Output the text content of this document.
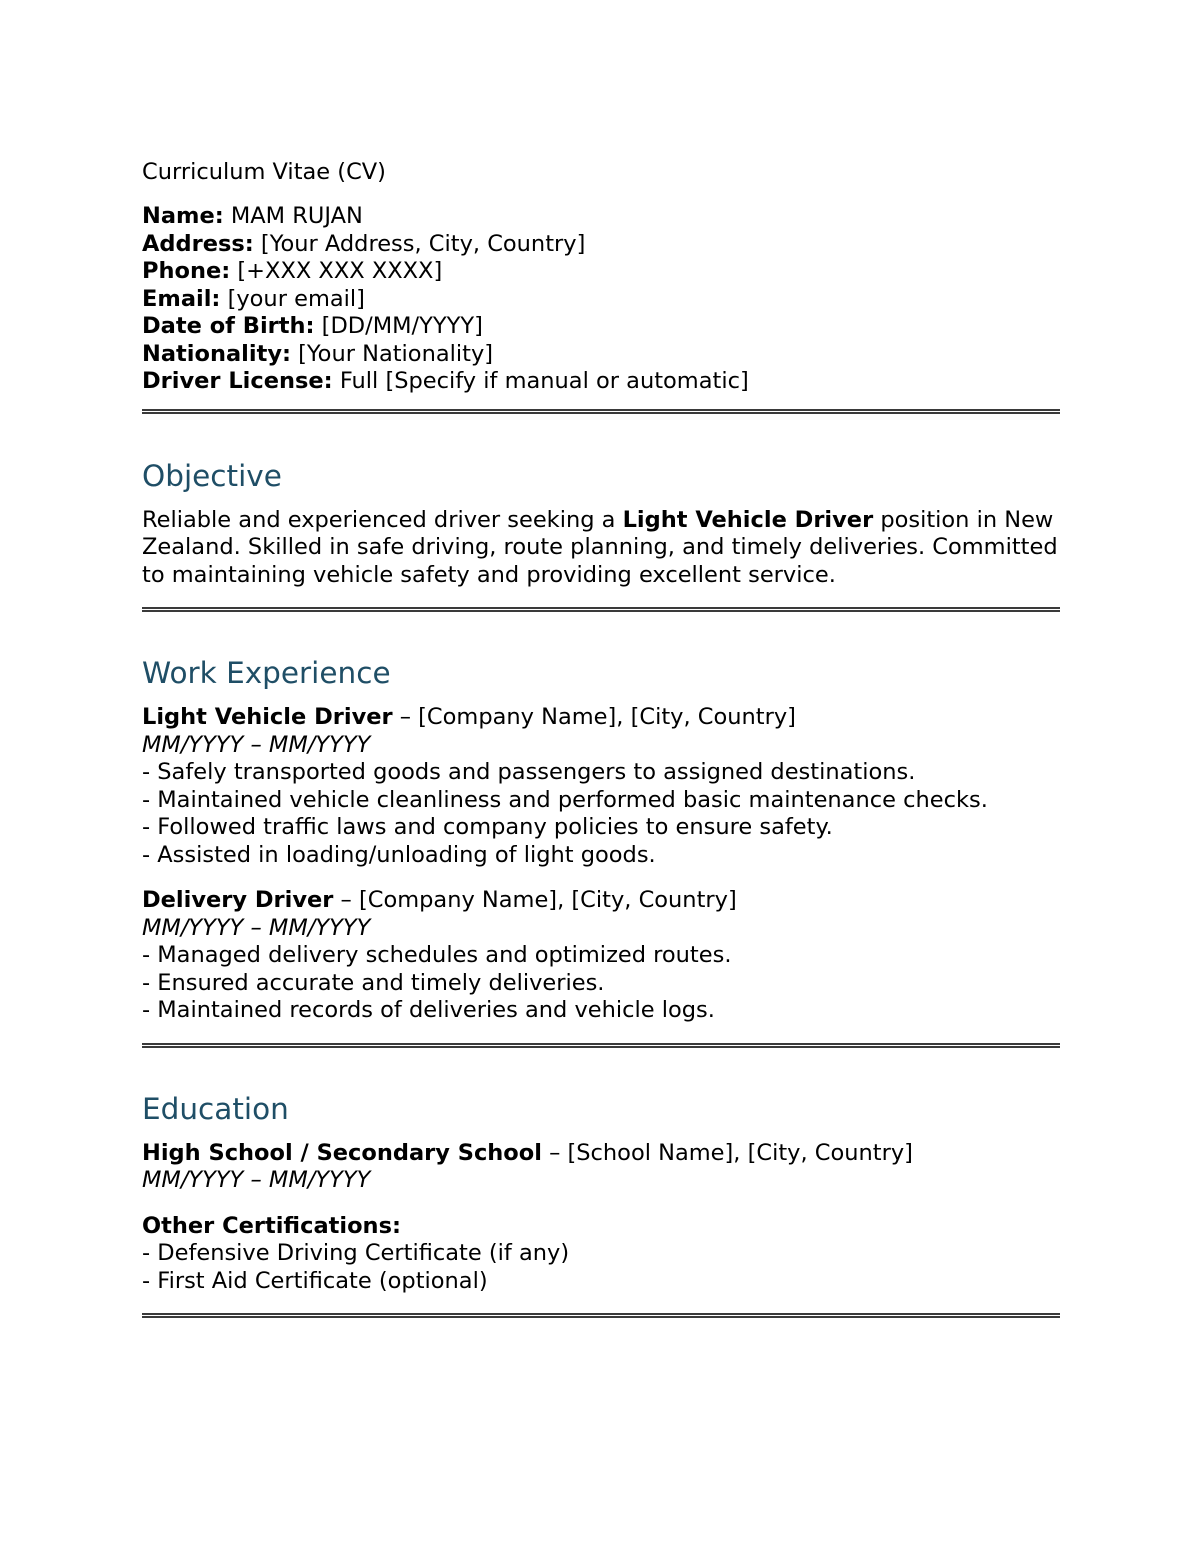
Curriculum Vitae (CV)
Name: MAM RUJAN
Address: [Your Address, City, Country]
Phone: [+XXX XXX XXXX]
Email: [your email]
Date of Birth: [DD/MM/YYYY]
Nationality: [Your Nationality]
Driver License: Full [Specify if manual or automatic]
Objective
Reliable and experienced driver seeking a Light Vehicle Driver position in New Zealand. Skilled in safe driving, route planning, and timely deliveries. Committed to maintaining vehicle safety and providing excellent service.
Work Experience
Light Vehicle Driver – [Company Name], [City, Country]
MM/YYYY – MM/YYYY
- Safely transported goods and passengers to assigned destinations.
- Maintained vehicle cleanliness and performed basic maintenance checks.
- Followed traffic laws and company policies to ensure safety.
- Assisted in loading/unloading of light goods.
Delivery Driver – [Company Name], [City, Country]
MM/YYYY – MM/YYYY
- Managed delivery schedules and optimized routes.
- Ensured accurate and timely deliveries.
- Maintained records of deliveries and vehicle logs.
Education
High School / Secondary School – [School Name], [City, Country]
MM/YYYY – MM/YYYY
Other Certifications:
- Defensive Driving Certificate (if any)
- First Aid Certificate (optional)
